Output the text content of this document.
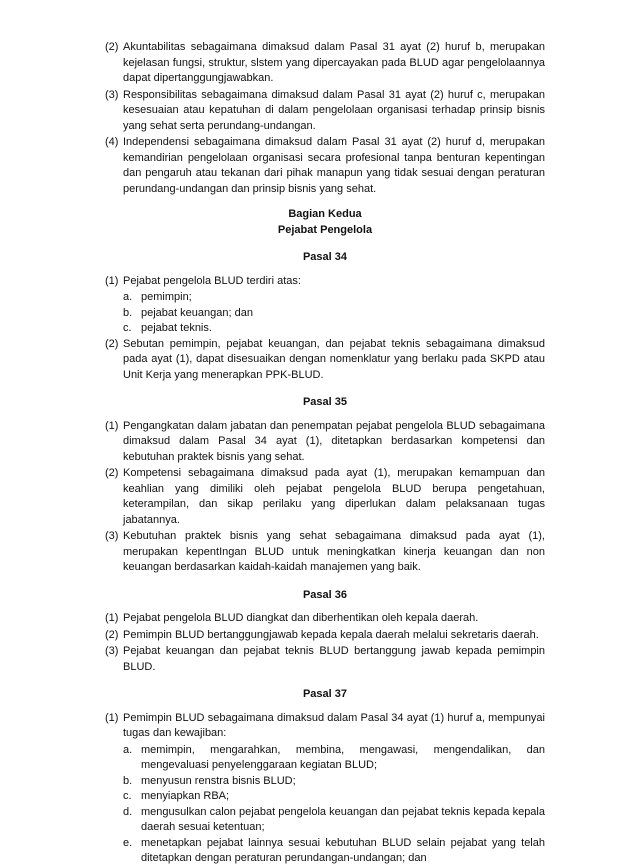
(2) Akuntabilitas sebagaimana dimaksud dalam Pasal 31 ayat (2) huruf b, merupakan kejelasan fungsi, struktur, slstem yang dipercayakan pada BLUD agar pengelolaannya dapat dipertanggungjawabkan.
(3) Responsibilitas sebagaimana dimaksud dalam Pasal 31 ayat (2) huruf c, merupakan kesesuaian atau kepatuhan di dalam pengelolaan organisasi terhadap prinsip bisnis yang sehat serta perundang-undangan.
(4) Independensi sebagaimana dimaksud dalam Pasal 31 ayat (2) huruf d, merupakan kemandirian pengelolaan organisasi secara profesional tanpa benturan kepentingan dan pengaruh atau tekanan dari pihak manapun yang tidak sesuai dengan peraturan perundang-undangan dan prinsip bisnis yang sehat.
Bagian Kedua
Pejabat Pengelola
Pasal 34
(1) Pejabat pengelola BLUD terdiri atas:
a. pemimpin;
b. pejabat keuangan; dan
c. pejabat teknis.
(2) Sebutan pemimpin, pejabat keuangan, dan pejabat teknis sebagaimana dimaksud pada ayat (1), dapat disesuaikan dengan nomenklatur yang berlaku pada SKPD atau Unit Kerja yang menerapkan PPK-BLUD.
Pasal 35
(1) Pengangkatan dalam jabatan dan penempatan pejabat pengelola BLUD sebagaimana dimaksud dalam Pasal 34 ayat (1), ditetapkan berdasarkan kompetensi dan kebutuhan praktek bisnis yang sehat.
(2) Kompetensi sebagaimana dimaksud pada ayat (1), merupakan kemampuan dan keahlian yang dimiliki oleh pejabat pengelola BLUD berupa pengetahuan, keterampilan, dan sikap perilaku yang diperlukan dalam pelaksanaan tugas jabatannya.
(3) Kebutuhan praktek bisnis yang sehat sebagaimana dimaksud pada ayat (1), merupakan kepentIngan BLUD untuk meningkatkan kinerja keuangan dan non keuangan berdasarkan kaidah-kaidah manajemen yang baik.
Pasal 36
(1) Pejabat pengelola BLUD diangkat dan diberhentikan oleh kepala daerah.
(2) Pemimpin BLUD bertanggungjawab kepada kepala daerah melalui sekretaris daerah.
(3) Pejabat keuangan dan pejabat teknis BLUD bertanggung jawab kepada pemimpin BLUD.
Pasal 37
(1) Pemimpin BLUD sebagaimana dimaksud dalam Pasal 34 ayat (1) huruf a, mempunyai tugas dan kewajiban:
a. memimpin, mengarahkan, membina, mengawasi, mengendalikan, dan mengevaluasi penyelenggaraan kegiatan BLUD;
b. menyusun renstra bisnis BLUD;
c. menyiapkan RBA;
d. mengusulkan calon pejabat pengelola keuangan dan pejabat teknis kepada kepala daerah sesuai ketentuan;
e. menetapkan pejabat lainnya sesuai kebutuhan BLUD selain pejabat yang telah ditetapkan dengan peraturan perundangan-undangan; dan
